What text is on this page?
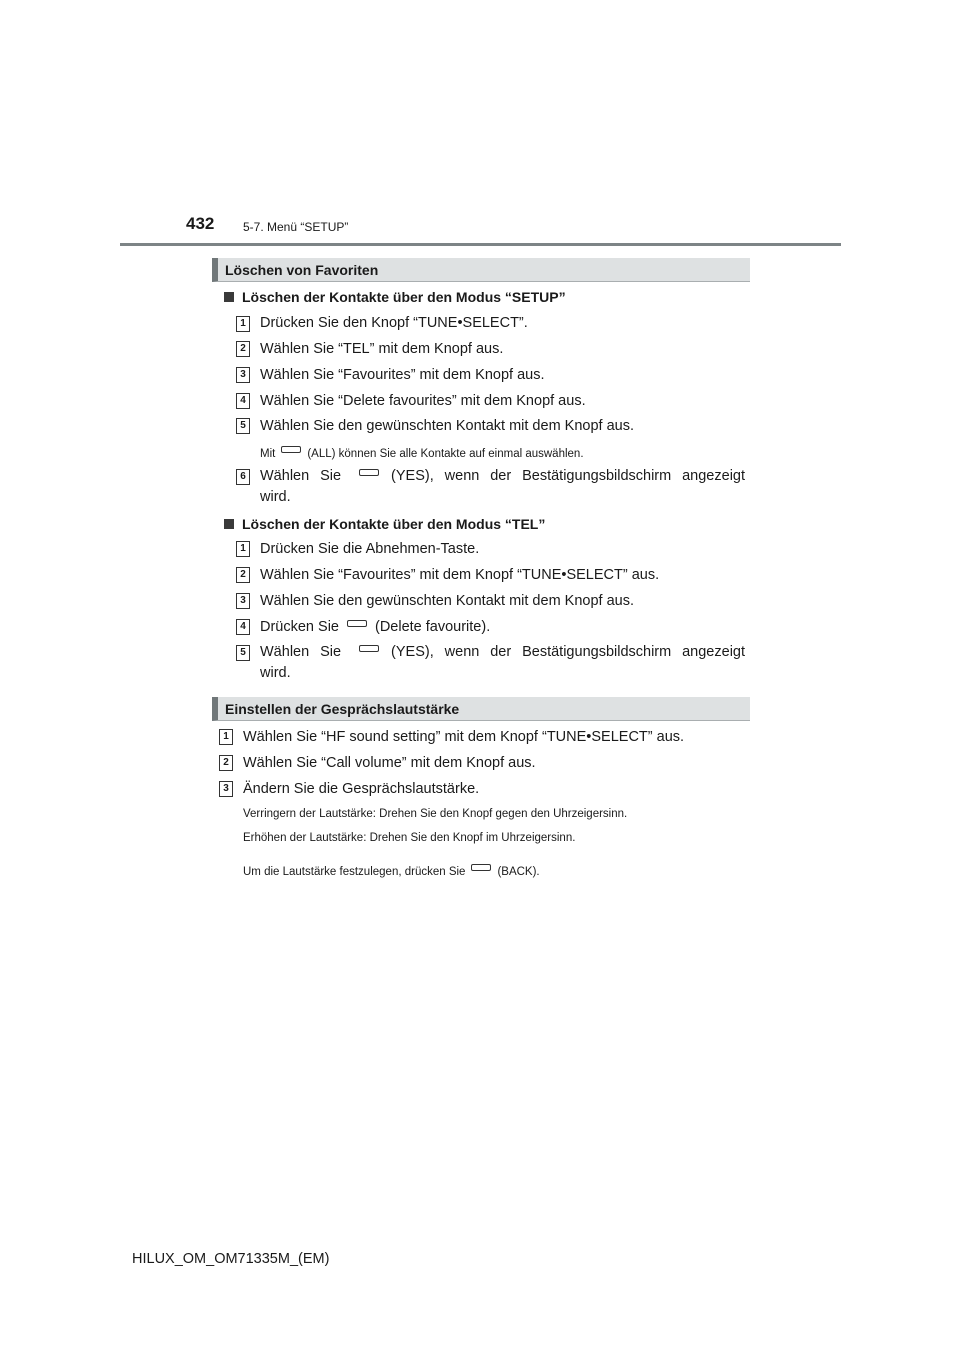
432 5-7. Menü “SETUP”
Löschen von Favoriten
Löschen der Kontakte über den Modus “SETUP”
1 Drücken Sie den Knopf “TUNE•SELECT”.
2 Wählen Sie “TEL” mit dem Knopf aus.
3 Wählen Sie “Favourites” mit dem Knopf aus.
4 Wählen Sie “Delete favourites” mit dem Knopf aus.
5 Wählen Sie den gewünschten Kontakt mit dem Knopf aus.
Mit	(ALL) können Sie alle Kontakte auf einmal auswählen.
6 Wählen Sie	(YES), wenn der Bestätigungsbildschirm angezeigt wird.
Löschen der Kontakte über den Modus “TEL”
1 Drücken Sie die Abnehmen-Taste.
2 Wählen Sie “Favourites” mit dem Knopf “TUNE•SELECT” aus.
3 Wählen Sie den gewünschten Kontakt mit dem Knopf aus.
4 Drücken Sie (Delete favourite).
5 Wählen Sie	(YES), wenn der Bestätigungsbildschirm angezeigt wird.
Einstellen der Gesprächslautstärke
1 Wählen Sie “HF sound setting” mit dem Knopf “TUNE•SELECT” aus.
2 Wählen Sie “Call volume” mit dem Knopf aus.
3 Ändern Sie die Gesprächslautstärke.
Verringern der Lautstärke: Drehen Sie den Knopf gegen den Uhrzeigersinn.
Erhöhen der Lautstärke: Drehen Sie den Knopf im Uhrzeigersinn.
Um die Lautstärke festzulegen, drücken Sie	(BACK).
HILUX_OM_OM71335M_(EM)
